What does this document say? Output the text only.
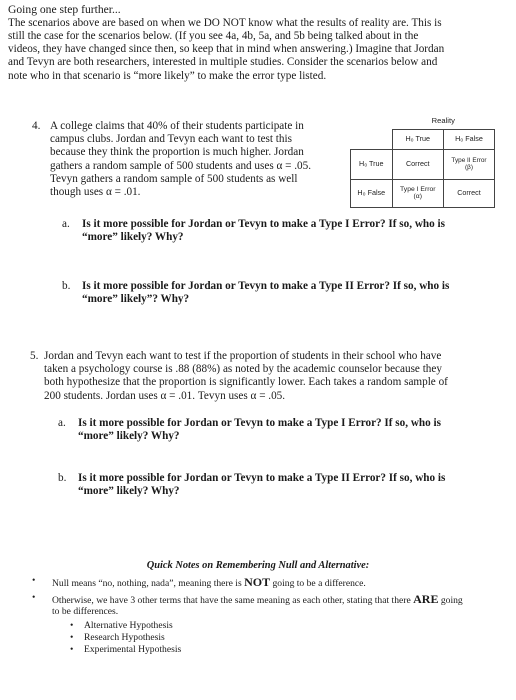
Going one step further...

The scenarios above are based on when we DO NOT know what the results of reality are. This is

still the case for the scenarios below. (If you see 4a, 4b, 5a, and 5b being talked about in the

videos, they have changed since then, so keep that in mind when answering.) Imagine that Jordan

and Tevyn are both researchers, interested in multiple studies. Consider the scenarios below and

note who in that scenario is “more likely” to make the error type listed.

4. A college claims that 40% of their students participate in
campus clubs. Jordan and Tevyn each want to test this
because they think the proportion is much higher. Jordan
gathers a random sample of 500 students and uses α = .05.
Tevyn gathers a random sample of 500 students as well
though uses α = .01.
	Reality	
	H₀ True	H₀ False
H₀ True	Correct	Type II Error
(β)

H₀ False	Type I Error
(α)	Correct
a. Is it more possible for Jordan or Tevyn to make a Type I Error? If so, who is
“more” likely? Why?
b. Is it more possible for Jordan or Tevyn to make a Type II Error? If so, who is
“more” likely”? Why?
5. Jordan and Tevyn each want to test if the proportion of students in their school who have
taken a psychology course is .88 (88%) as noted by the academic counselor because they
both hypothesize that the proportion is significantly lower. Each takes a random sample of
200 students. Jordan uses α = .01. Tevyn uses α = .05.
a. Is it more possible for Jordan or Tevyn to make a Type I Error? If so, who is
“more” likely? Why?
b. Is it more possible for Jordan or Tevyn to make a Type II Error? If so, who is
“more” likely? Why?
Quick Notes on Remembering Null and Alternative:
• Null means “no, nothing, nada”, meaning there is NOT going to be a difference.
• Otherwise, we have 3 other terms that have the same meaning as each other, stating that there ARE going
to be differences.
• Alternative Hypothesis
• Research Hypothesis
• Experimental Hypothesis
